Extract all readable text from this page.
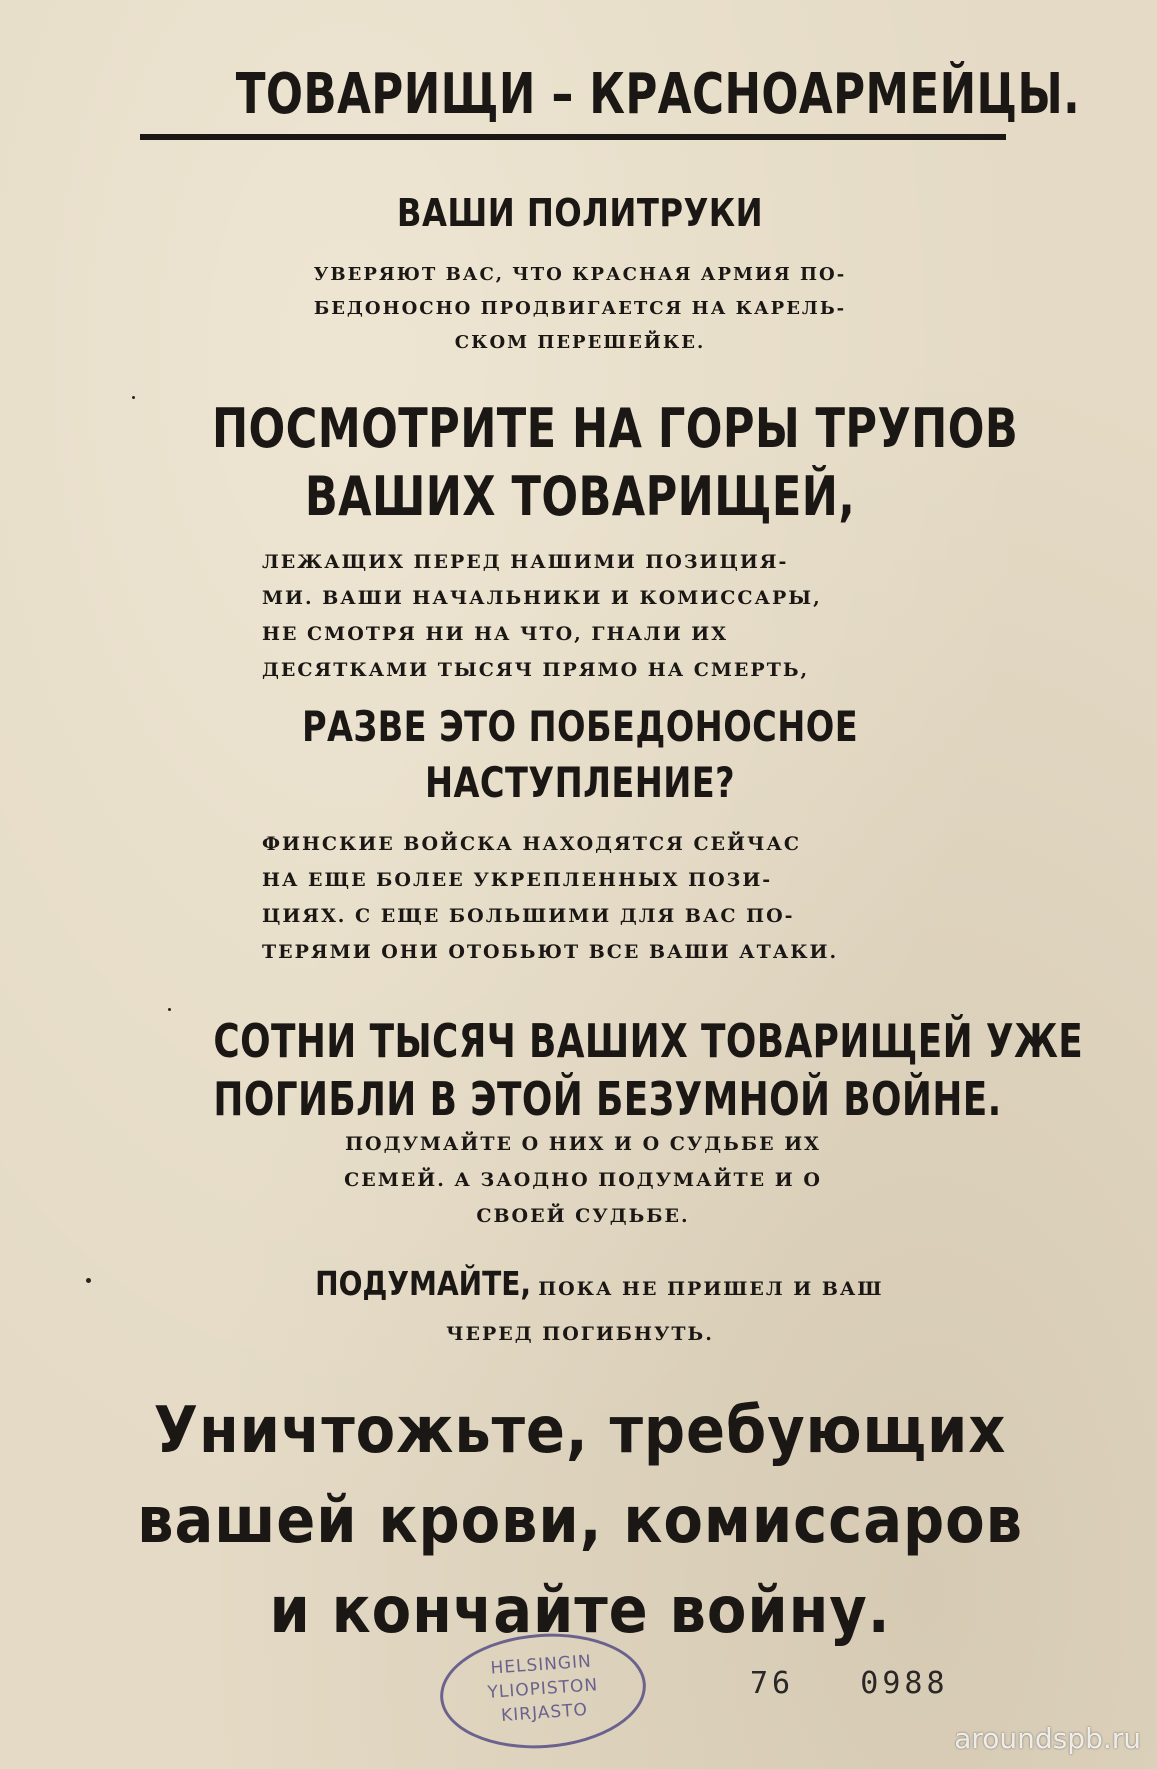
ТОВАРИЩИ – КРАСНОАРМЕЙЦЫ.
ВАШИ ПОЛИТРУКИ
УВЕРЯЮТ ВАС, ЧТО КРАСНАЯ АРМИЯ ПО-
БЕДОНОСНО ПРОДВИГАЕТСЯ НА КАРЕЛЬ-
СКОМ ПЕРЕШЕЙКЕ.
ПОСМОТРИТЕ НА ГОРЫ ТРУПОВ
ВАШИХ ТОВАРИЩЕЙ,
ЛЕЖАЩИХ ПЕРЕД НАШИМИ ПОЗИЦИЯ-
МИ. ВАШИ НАЧАЛЬНИКИ И КОМИССАРЫ,
НЕ СМОТРЯ НИ НА ЧТО, ГНАЛИ ИХ
ДЕСЯТКАМИ ТЫСЯЧ ПРЯМО НА СМЕРТЬ,
РАЗВЕ ЭТО ПОБЕДОНОСНОЕ
НАСТУПЛЕНИЕ?
ФИНСКИЕ ВОЙСКА НАХОДЯТСЯ СЕЙЧАС
НА ЕЩЕ БОЛЕЕ УКРЕПЛЕННЫХ ПОЗИ-
ЦИЯХ. С ЕЩЕ БОЛЬШИМИ ДЛЯ ВАС ПО-
ТЕРЯМИ ОНИ ОТОБЬЮТ ВСЕ ВАШИ АТАКИ.
СОТНИ ТЫСЯЧ ВАШИХ ТОВАРИЩЕЙ УЖЕ
ПОГИБЛИ В ЭТОЙ БЕЗУМНОЙ ВОЙНЕ.
ПОДУМАЙТЕ О НИХ И О СУДЬБЕ ИХ
СЕМЕЙ. А ЗАОДНО ПОДУМАЙТЕ И О
СВОЕЙ СУДЬБЕ.
ПОДУМАЙТЕ, ПОКА НЕ ПРИШЕЛ И ВАШ
ЧЕРЕД ПОГИБНУТЬ.
Уничтожьте, требующих
вашей крови, комиссаров
и кончайте войну.
HELSINGIN
YLIOPISTON
KIRJASTO
76   0988
aroundspb.ru
